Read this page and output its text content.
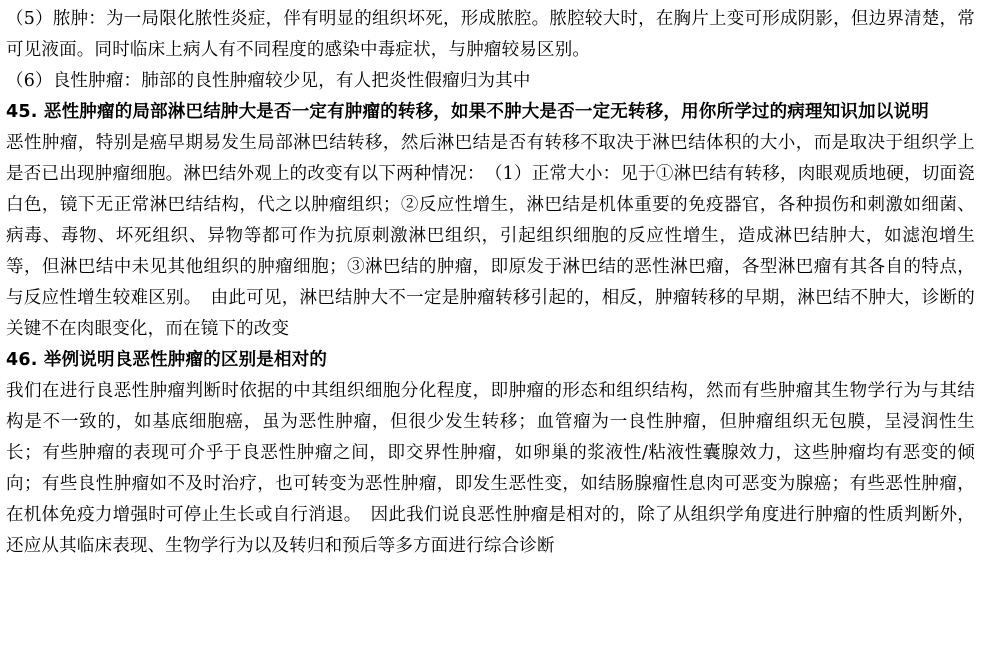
（5）脓肿：为一局限化脓性炎症，伴有明显的组织坏死，形成脓腔。脓腔较大时，在胸片上变可形成阴影，但边界清楚，常可见液面。同时临床上病人有不同程度的感染中毒症状，与肿瘤较易区别。

（6）良性肿瘤：肺部的良性肿瘤较少见，有人把炎性假瘤归为其中

45. 恶性肿瘤的局部淋巴结肿大是否一定有肿瘤的转移，如果不肿大是否一定无转移，用你所学过的病理知识加以说明

恶性肿瘤，特别是癌早期易发生局部淋巴结转移，然后淋巴结是否有转移不取决于淋巴结体积的大小，而是取决于组织学上是否已出现肿瘤细胞。淋巴结外观上的改变有以下两种情况：　（1）正常大小：见于①淋巴结有转移，肉眼观质地硬，切面瓷白色，镜下无正常淋巴结结构，代之以肿瘤组织；②反应性增生，淋巴结是机体重要的免疫器官，各种损伤和刺激如细菌、病毒、毒物、坏死组织、异物等都可作为抗原刺激淋巴组织，引起组织细胞的反应性增生，造成淋巴结肿大，如滤泡增生等，但淋巴结中未见其他组织的肿瘤细胞；③淋巴结的肿瘤，即原发于淋巴结的恶性淋巴瘤，各型淋巴瘤有其各自的特点，与反应性增生较难区别。　由此可见，淋巴结肿大不一定是肿瘤转移引起的，相反，肿瘤转移的早期，淋巴结不肿大，诊断的关键不在肉眼变化，而在镜下的改变

46. 举例说明良恶性肿瘤的区别是相对的

我们在进行良恶性肿瘤判断时依据的中其组织细胞分化程度，即肿瘤的形态和组织结构，然而有些肿瘤其生物学行为与其结构是不一致的，如基底细胞癌，虽为恶性肿瘤，但很少发生转移；血管瘤为一良性肿瘤，但肿瘤组织无包膜，呈浸润性生长；有些肿瘤的表现可介乎于良恶性肿瘤之间，即交界性肿瘤，如卵巢的浆液性/粘液性囊腺效力，这些肿瘤均有恶变的倾向；有些良性肿瘤如不及时治疗，也可转变为恶性肿瘤，即发生恶性变，如结肠腺瘤性息肉可恶变为腺癌；有些恶性肿瘤，在机体免疫力增强时可停止生长或自行消退。　因此我们说良恶性肿瘤是相对的，除了从组织学角度进行肿瘤的性质判断外，还应从其临床表现、生物学行为以及转归和预后等多方面进行综合诊断
